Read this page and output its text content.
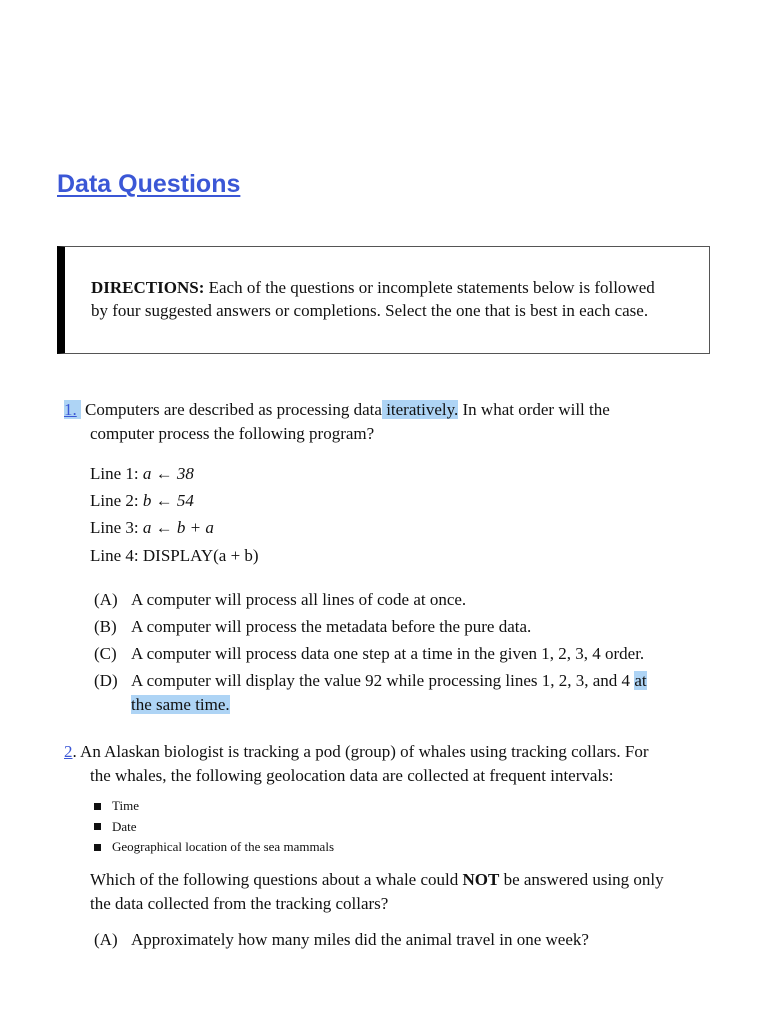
Data Questions
DIRECTIONS: Each of the questions or incomplete statements below is followed
by four suggested answers or completions. Select the one that is best in each case.
1. Computers are described as processing data iteratively. In what order will the
computer process the following program?
Line 1: a ← 38
Line 2: b ← 54
Line 3: a ← b + a
Line 4: DISPLAY(a + b)
(A) A computer will process all lines of code at once.
(B) A computer will process the metadata before the pure data.
(C) A computer will process data one step at a time in the given 1, 2, 3, 4 order.
(D) A computer will display the value 92 while processing lines 1, 2, 3, and 4 at
the same time.
2. An Alaskan biologist is tracking a pod (group) of whales using tracking collars. For
the whales, the following geolocation data are collected at frequent intervals:
Time
Date
Geographical location of the sea mammals
Which of the following questions about a whale could NOT be answered using only
the data collected from the tracking collars?
(A) Approximately how many miles did the animal travel in one week?
